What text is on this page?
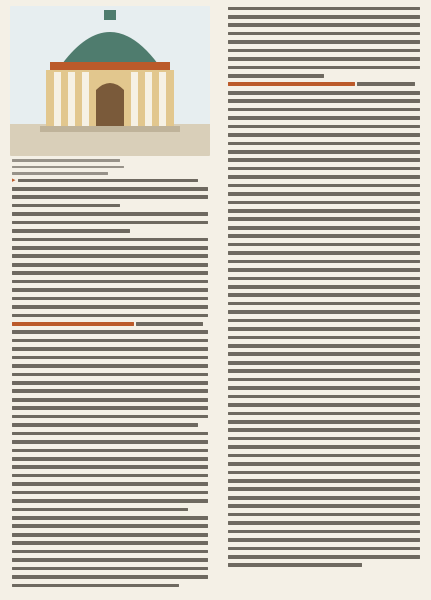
▸
